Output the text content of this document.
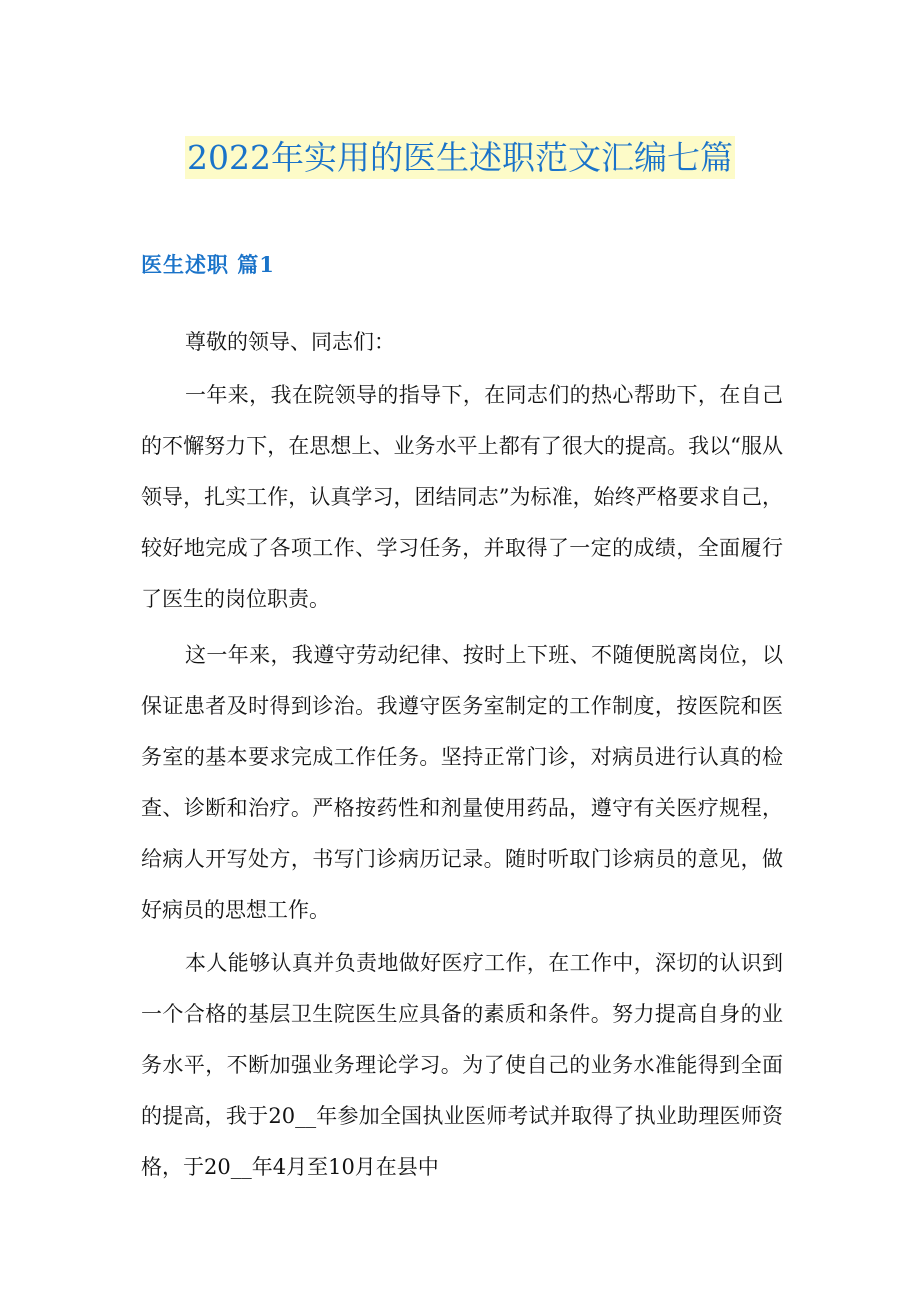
2022年实用的医生述职范文汇编七篇
医生述职 篇1

尊敬的领导、同志们：

一年来，我在院领导的指导下，在同志们的热心帮助下，在自己的不懈努力下，在思想上、业务水平上都有了很大的提高。我以“服从领导，扎实工作，认真学习，团结同志”为标准，始终严格要求自己，较好地完成了各项工作、学习任务，并取得了一定的成绩，全面履行了医生的岗位职责。

这一年来，我遵守劳动纪律、按时上下班、不随便脱离岗位，以保证患者及时得到诊治。我遵守医务室制定的工作制度，按医院和医务室的基本要求完成工作任务。坚持正常门诊，对病员进行认真的检查、诊断和治疗。严格按药性和剂量使用药品，遵守有关医疗规程，给病人开写处方，书写门诊病历记录。随时听取门诊病员的意见，做好病员的思想工作。

本人能够认真并负责地做好医疗工作，在工作中，深切的认识到一个合格的基层卫生院医生应具备的素质和条件。努力提高自身的业务水平，不断加强业务理论学习。为了使自己的业务水准能得到全面的提高，我于20__年参加全国执业医师考试并取得了执业助理医师资格，于20__年4月至10月在县中
